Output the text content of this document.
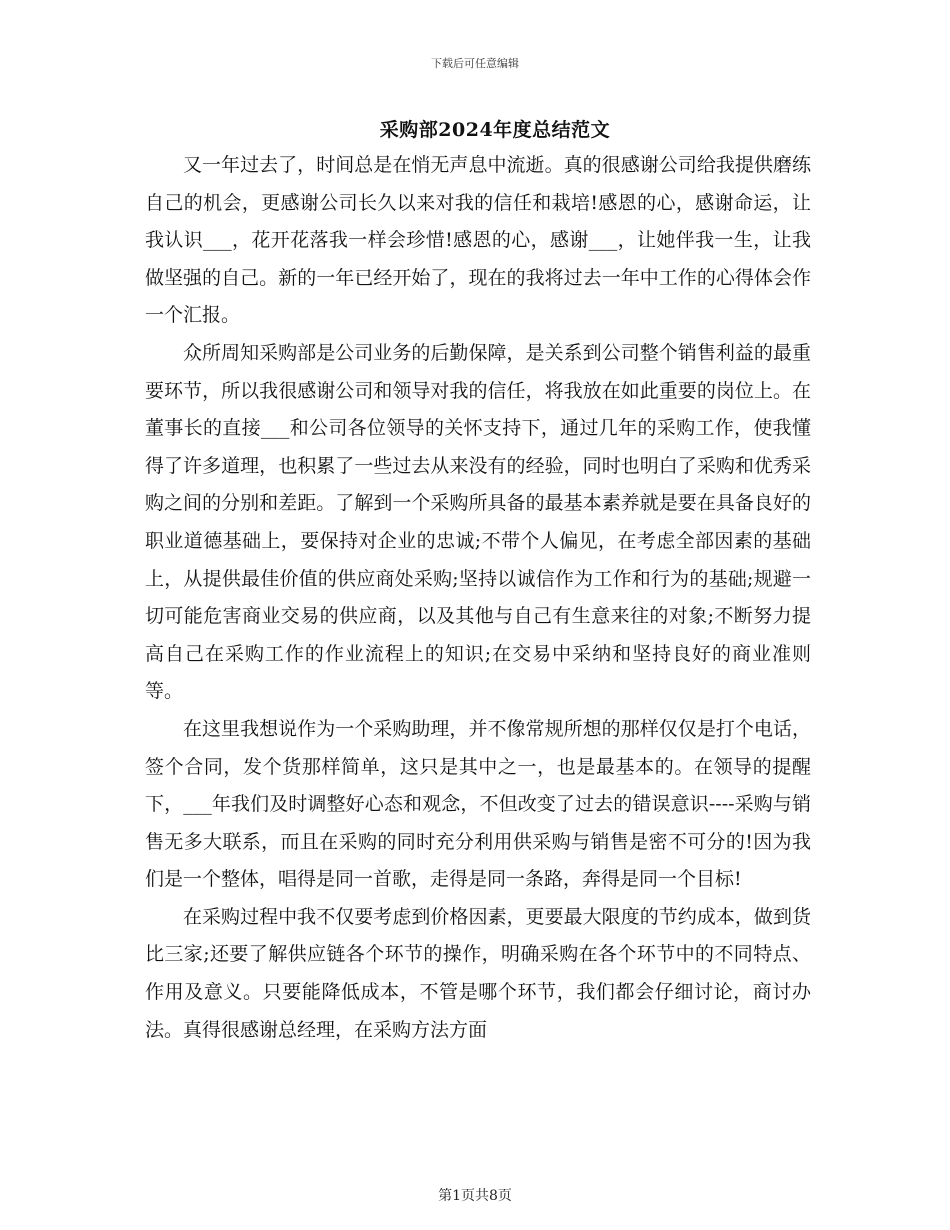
下载后可任意编辑
采购部2024年度总结范文

又一年过去了，时间总是在悄无声息中流逝。真的很感谢公司给我提供磨练自己的机会，更感谢公司长久以来对我的信任和栽培!感恩的心，感谢命运，让我认识___，花开花落我一样会珍惜!感恩的心，感谢___，让她伴我一生，让我做坚强的自己。新的一年已经开始了，现在的我将过去一年中工作的心得体会作一个汇报。

众所周知采购部是公司业务的后勤保障，是关系到公司整个销售利益的最重要环节，所以我很感谢公司和领导对我的信任，将我放在如此重要的岗位上。在董事长的直接___和公司各位领导的关怀支持下，通过几年的采购工作，使我懂得了许多道理，也积累了一些过去从来没有的经验，同时也明白了采购和优秀采购之间的分别和差距。了解到一个采购所具备的最基本素养就是要在具备良好的职业道德基础上，要保持对企业的忠诚;不带个人偏见，在考虑全部因素的基础上，从提供最佳价值的供应商处采购;坚持以诚信作为工作和行为的基础;规避一切可能危害商业交易的供应商，以及其他与自己有生意来往的对象;不断努力提高自己在采购工作的作业流程上的知识;在交易中采纳和坚持良好的商业准则等。

在这里我想说作为一个采购助理，并不像常规所想的那样仅仅是打个电话，签个合同，发个货那样简单，这只是其中之一，也是最基本的。在领导的提醒下，___年我们及时调整好心态和观念，不但改变了过去的错误意识----采购与销售无多大联系，而且在采购的同时充分利用供采购与销售是密不可分的!因为我们是一个整体，唱得是同一首歌，走得是同一条路，奔得是同一个目标!

在采购过程中我不仅要考虑到价格因素，更要最大限度的节约成本，做到货比三家;还要了解供应链各个环节的操作，明确采购在各个环节中的不同特点、作用及意义。只要能降低成本，不管是哪个环节，我们都会仔细讨论，商讨办法。真得很感谢总经理，在采购方法方面

第1页共8页
